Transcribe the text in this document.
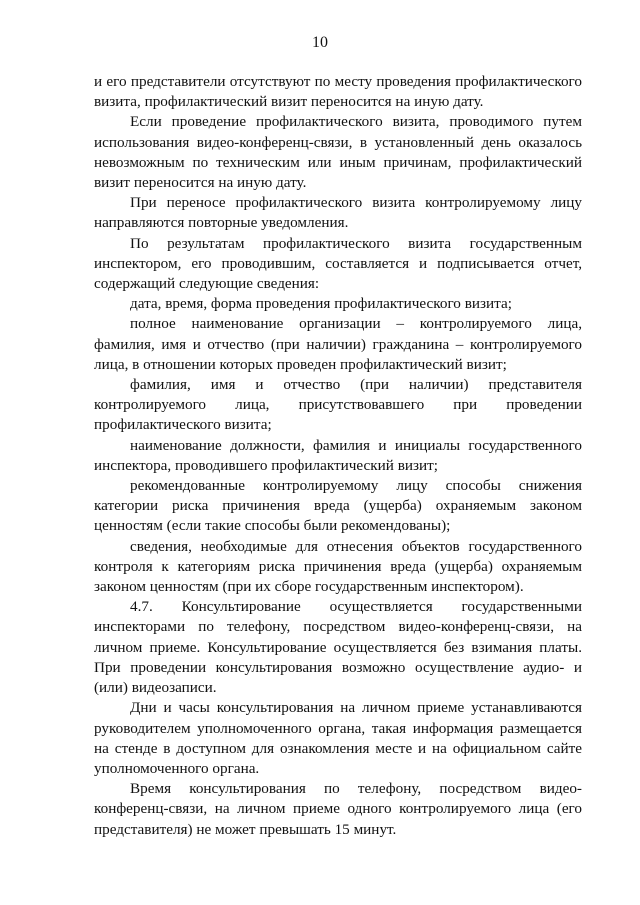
10

и его представители отсутствуют по месту проведения профилактического визита, профилактический визит переносится на иную дату.

Если проведение профилактического визита, проводимого путем использования видео-конференц-связи, в установленный день оказалось невозможным по техническим или иным причинам, профилактический визит переносится на иную дату.

При переносе профилактического визита контролируемому лицу направляются повторные уведомления.

По результатам профилактического визита государственным инспектором, его проводившим, составляется и подписывается отчет, содержащий следующие сведения:

дата, время, форма проведения профилактического визита;

полное наименование организации – контролируемого лица, фамилия, имя и отчество (при наличии) гражданина – контролируемого лица, в отношении которых проведен профилактический визит;

фамилия, имя и отчество (при наличии) представителя контролируемого лица, присутствовавшего при проведении профилактического визита;

наименование должности, фамилия и инициалы государственного инспектора, проводившего профилактический визит;

рекомендованные контролируемому лицу способы снижения категории риска причинения вреда (ущерба) охраняемым законом ценностям (если такие способы были рекомендованы);

сведения, необходимые для отнесения объектов государственного контроля к категориям риска причинения вреда (ущерба) охраняемым законом ценностям (при их сборе государственным инспектором).

4.7. Консультирование осуществляется государственными инспекторами по телефону, посредством видео-конференц-связи, на личном приеме. Консультирование осуществляется без взимания платы. При проведении консультирования возможно осуществление аудио- и (или) видеозаписи.

Дни и часы консультирования на личном приеме устанавливаются руководителем уполномоченного органа, такая информация размещается на стенде в доступном для ознакомления месте и на официальном сайте уполномоченного органа.

Время консультирования по телефону, посредством видео-конференц-связи, на личном приеме одного контролируемого лица (его представителя) не может превышать 15 минут.
